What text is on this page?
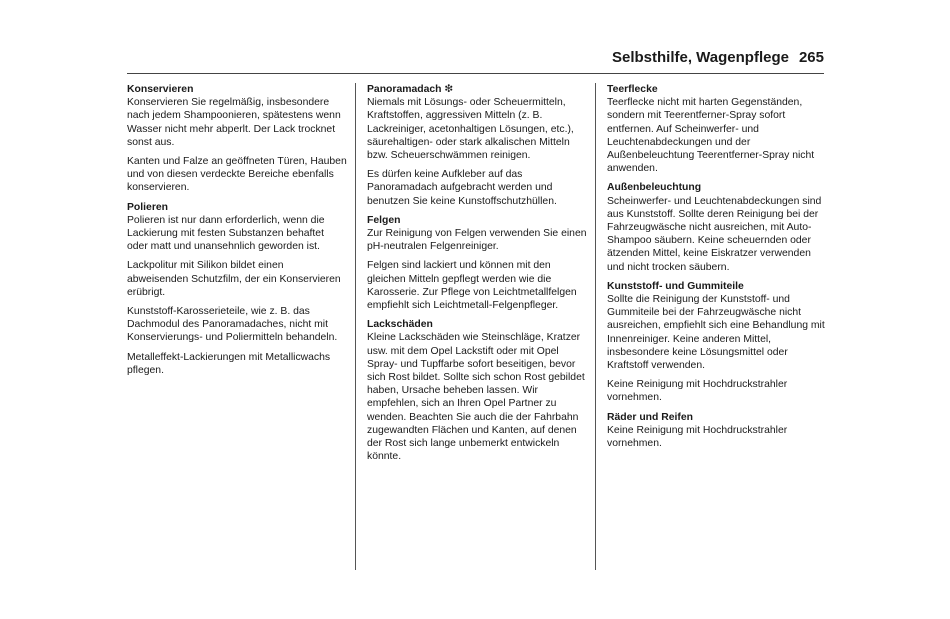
Selbsthilfe, Wagenpflege 265
Konservieren

Konservieren Sie regelmäßig, insbesondere nach jedem Shampoonieren, spätestens wenn Wasser nicht mehr abperlt. Der Lack trocknet sonst aus.

Kanten und Falze an geöffneten Türen, Hauben und von diesen verdeckte Bereiche ebenfalls konservieren.

Polieren

Polieren ist nur dann erforderlich, wenn die Lackierung mit festen Substanzen behaftet oder matt und unansehnlich geworden ist.

Lackpolitur mit Silikon bildet einen abweisenden Schutzfilm, der ein Konservieren erübrigt.

Kunststoff-Karosserieteile, wie z. B. das Dachmodul des Panoramadaches, nicht mit Konservierungs- und Poliermitteln behandeln.

Metalleffekt-Lackierungen mit Metallicwachs pflegen.

Panoramadach ❇

Niemals mit Lösungs- oder Scheuermitteln, Kraftstoffen, aggressiven Mitteln (z. B. Lackreiniger, acetonhaltigen Lösungen, etc.), säurehaltigen- oder stark alkalischen Mitteln bzw. Scheuerschwämmen reinigen.

Es dürfen keine Aufkleber auf das Panoramadach aufgebracht werden und benutzen Sie keine Kunstoffschutzhüllen.

Felgen

Zur Reinigung von Felgen verwenden Sie einen pH-neutralen Felgenreiniger.

Felgen sind lackiert und können mit den gleichen Mitteln gepflegt werden wie die Karosserie. Zur Pflege von Leichtmetallfelgen empfiehlt sich Leichtmetall-Felgenpfleger.

Lackschäden

Kleine Lackschäden wie Steinschläge, Kratzer usw. mit dem Opel Lackstift oder mit Opel Spray- und Tupffarbe sofort beseitigen, bevor sich Rost bildet. Sollte sich schon Rost gebildet haben, Ursache beheben lassen. Wir empfehlen, sich an Ihren Opel Partner zu wenden. Beachten Sie auch die der Fahrbahn zugewandten Flächen und Kanten, auf denen der Rost sich lange unbemerkt entwickeln könnte.

Teerflecke

Teerflecke nicht mit harten Gegenständen, sondern mit Teerentferner-Spray sofort entfernen. Auf Scheinwerfer- und Leuchtenabdeckungen und der Außenbeleuchtung Teerentferner-Spray nicht anwenden.

Außenbeleuchtung

Scheinwerfer- und Leuchtenabdeckungen sind aus Kunststoff. Sollte deren Reinigung bei der Fahrzeugwäsche nicht ausreichen, mit Auto-Shampoo säubern. Keine scheuernden oder ätzenden Mittel, keine Eiskratzer verwenden und nicht trocken säubern.

Kunststoff- und Gummiteile

Sollte die Reinigung der Kunststoff- und Gummiteile bei der Fahrzeugwäsche nicht ausreichen, empfiehlt sich eine Behandlung mit Innenreiniger. Keine anderen Mittel, insbesondere keine Lösungsmittel oder Kraftstoff verwenden.

Keine Reinigung mit Hochdruckstrahler vornehmen.

Räder und Reifen

Keine Reinigung mit Hochdruckstrahler vornehmen.
